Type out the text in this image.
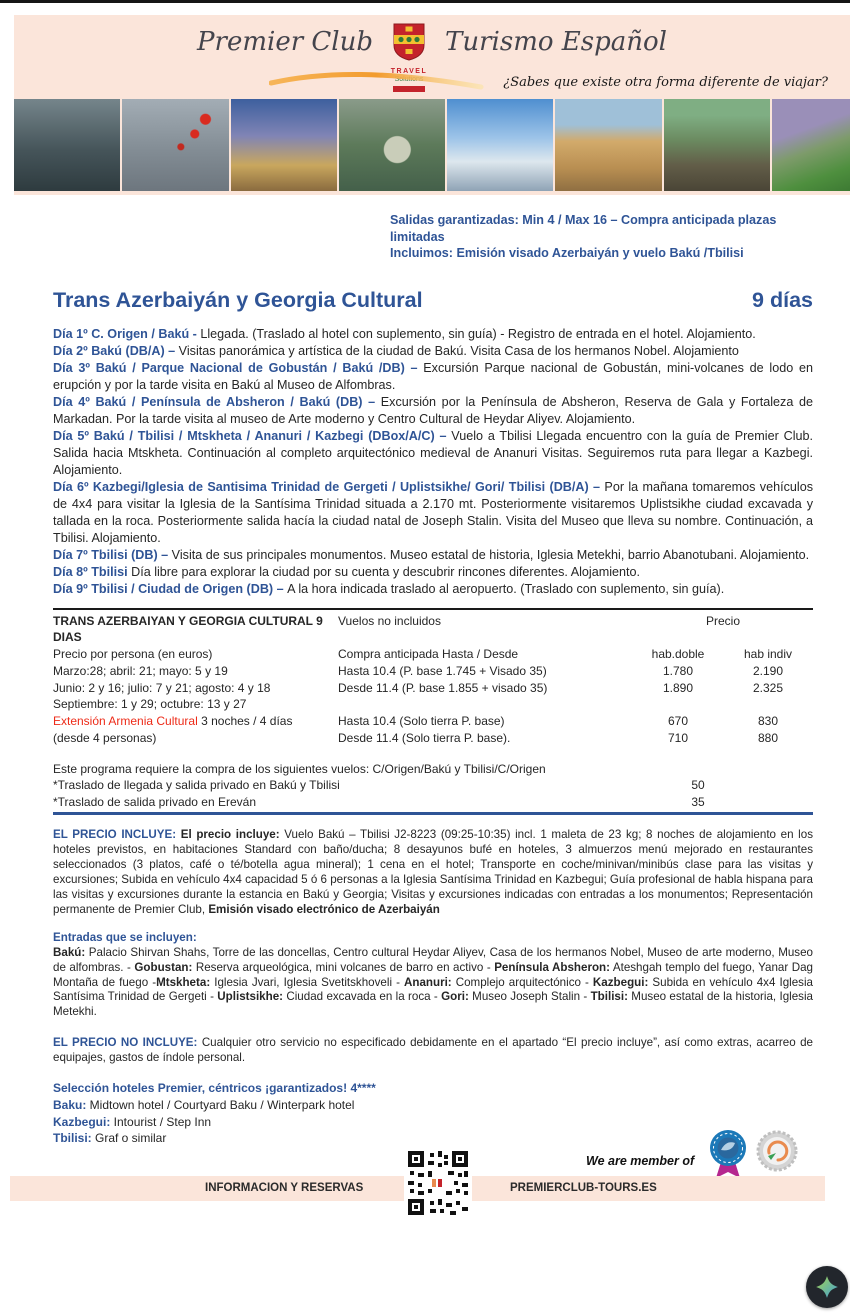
Premier Club
TRAVEL
Solutions
Turismo Español
¿Sabes que existe otra forma diferente de viajar?
Salidas garantizadas: Min 4 / Max 16 – Compra anticipada plazas limitadas
Incluimos: Emisión visado Azerbaiyán y vuelo Bakú /Tbilisi
Trans Azerbaiyán y Georgia Cultural	9 días

Día 1º C. Origen / Bakú - Llegada. (Traslado al hotel con suplemento, sin guía) - Registro de entrada en el hotel. Alojamiento.

Día 2º Bakú (DB/A) – Visitas panorámica y artística de la ciudad de Bakú. Visita Casa de los hermanos Nobel. Alojamiento

Día 3º Bakú / Parque Nacional de Gobustán / Bakú /DB) – Excursión Parque nacional de Gobustán, mini-volcanes de lodo en erupción y por la tarde visita en Bakú al Museo de Alfombras.

Día 4º Bakú / Península de Absheron / Bakú (DB) – Excursión por la Península de Absheron, Reserva de Gala y Fortaleza de Markadan. Por la tarde visita al museo de Arte moderno y Centro Cultural de Heydar Aliyev. Alojamiento.

Día 5º Bakú / Tbilisi / Mtskheta / Ananuri / Kazbegi (DBox/A/C) – Vuelo a Tbilisi Llegada encuentro con la guía de Premier Club. Salida hacia Mtskheta. Continuación al completo arquitectónico medieval de Ananuri Visitas. Seguiremos ruta para llegar a Kazbegi. Alojamiento.

Día 6º Kazbegi/Iglesia de Santisima Trinidad de Gergeti / Uplistsikhe/ Gori/ Tbilisi (DB/A) – Por la mañana tomaremos vehículos de 4x4 para visitar la Iglesia de la Santísima Trinidad situada a 2.170 mt. Posteriormente visitaremos Uplistsikhe ciudad excavada y tallada en la roca. Posteriormente salida hacía la ciudad natal de Joseph Stalin. Visita del Museo que lleva su nombre. Continuación, a Tbilisi. Alojamiento.

Día 7º Tbilisi (DB) – Visita de sus principales monumentos. Museo estatal de historia, Iglesia Metekhi, barrio Abanotubani. Alojamiento.

Día 8º Tbilisi Día libre para explorar la ciudad por su cuenta y descubrir rincones diferentes. Alojamiento.

Día 9º Tbilisi / Ciudad de Origen (DB) – A la hora indicada traslado al aeropuerto. (Traslado con suplemento, sin guía).

TRANS AZERBAIYAN Y GEORGIA CULTURAL 9 DIAS
Vuelos no incluidos	Precio
Precio por persona (en euros)	Compra anticipada Hasta / Desde	hab.doble	hab indiv
Marzo:28; abril: 21; mayo: 5 y 19	Hasta 10.4 (P. base 1.745 + Visado 35)	1.780	2.190
Junio: 2 y 16; julio: 7 y 21; agosto: 4 y 18	Desde 11.4 (P. base 1.855 + visado 35)	1.890	2.325
Septiembre: 1 y 29; octubre: 13 y 27
Extensión Armenia Cultural 3 noches / 4 días	Hasta 10.4 (Solo tierra P. base)	670	830
(desde 4 personas)	Desde 11.4 (Solo tierra P. base).	710	880
Este programa requiere la compra de los siguientes vuelos: C/Origen/Bakú y Tbilisi/C/Origen
*Traslado de llegada y salida privado en Bakú y Tbilisi	50
*Traslado de salida privado en Ereván	35

EL PRECIO INCLUYE: El precio incluye: Vuelo Bakú – Tbilisi J2-8223 (09:25-10:35) incl. 1 maleta de 23 kg; 8 noches de alojamiento en los hoteles previstos, en habitaciones Standard con baño/ducha; 8 desayunos bufé en hoteles, 3 almuerzos menú mejorado en restaurantes seleccionados (3 platos, café o té/botella agua mineral); 1 cena en el hotel; Transporte en coche/minivan/minibús clase para las visitas y excursiones; Subida en vehículo 4x4 capacidad 5 ó 6 personas a la Iglesia Santísima Trinidad en Kazbegui; Guía profesional de habla hispana para las visitas y excursiones durante la estancia en Bakú y Georgia; Visitas y excursiones indicadas con entradas a los monumentos; Representación permanente de Premier Club, Emisión visado electrónico de Azerbaiyán

Entradas que se incluyen:
Bakú: Palacio Shirvan Shahs, Torre de las doncellas, Centro cultural Heydar Aliyev, Casa de los hermanos Nobel, Museo de arte moderno, Museo de alfombras. - Gobustan: Reserva arqueológica, mini volcanes de barro en activo - Península Absheron: Ateshgah templo del fuego, Yanar Dag Montaña de fuego -Mtskheta: Iglesia Jvari, Iglesia Svetitskhoveli - Ananuri: Complejo arquitectónico - Kazbegui: Subida en vehículo 4x4 Iglesia Santísima Trinidad de Gergeti - Uplistsikhe: Ciudad excavada en la roca - Gori: Museo Joseph Stalin - Tbilisi: Museo estatal de la historia, Iglesia Metekhi.

EL PRECIO NO INCLUYE: Cualquier otro servicio no especificado debidamente en el apartado “El precio incluye”, así como extras, acarreo de equipajes, gastos de índole personal.

Selección hoteles Premier, céntricos ¡garantizados! 4****

Baku: Midtown hotel / Courtyard Baku / Winterpark hotel

Kazbegui: Intourist / Step Inn

Tbilisi: Graf o similar

We are member of
INFORMACION Y RESERVAS	PREMIERCLUB-TOURS.ES
